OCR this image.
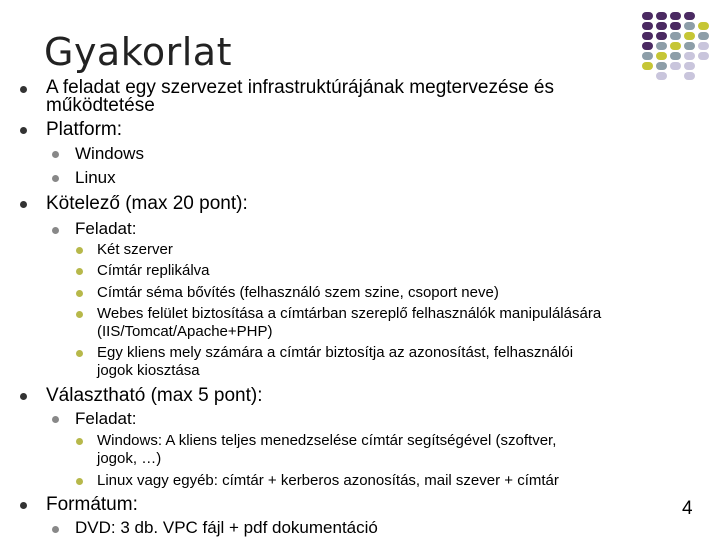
Gyakorlat
A feladat egy szervezet infrastruktúrájának megtervezése és
működtetése
Platform:
Windows
Linux
Kötelező (max 20 pont):
Feladat:
Két szerver
Címtár replikálva
Címtár séma bővítés (felhasználó szem szine, csoport neve)
Webes felület biztosítása a címtárban szereplő felhasználók manipulálására
(IIS/Tomcat/Apache+PHP)
Egy kliens mely számára a címtár biztosítja az azonosítást, felhasználói
jogok kiosztása
Választható (max 5 pont):
Feladat:
Windows: A kliens teljes menedzselése címtár segítségével (szoftver,
jogok, …)
Linux vagy egyéb: címtár + kerberos azonosítás, mail szever + címtár
Formátum:
DVD: 3 db. VPC fájl + pdf dokumentáció
4
